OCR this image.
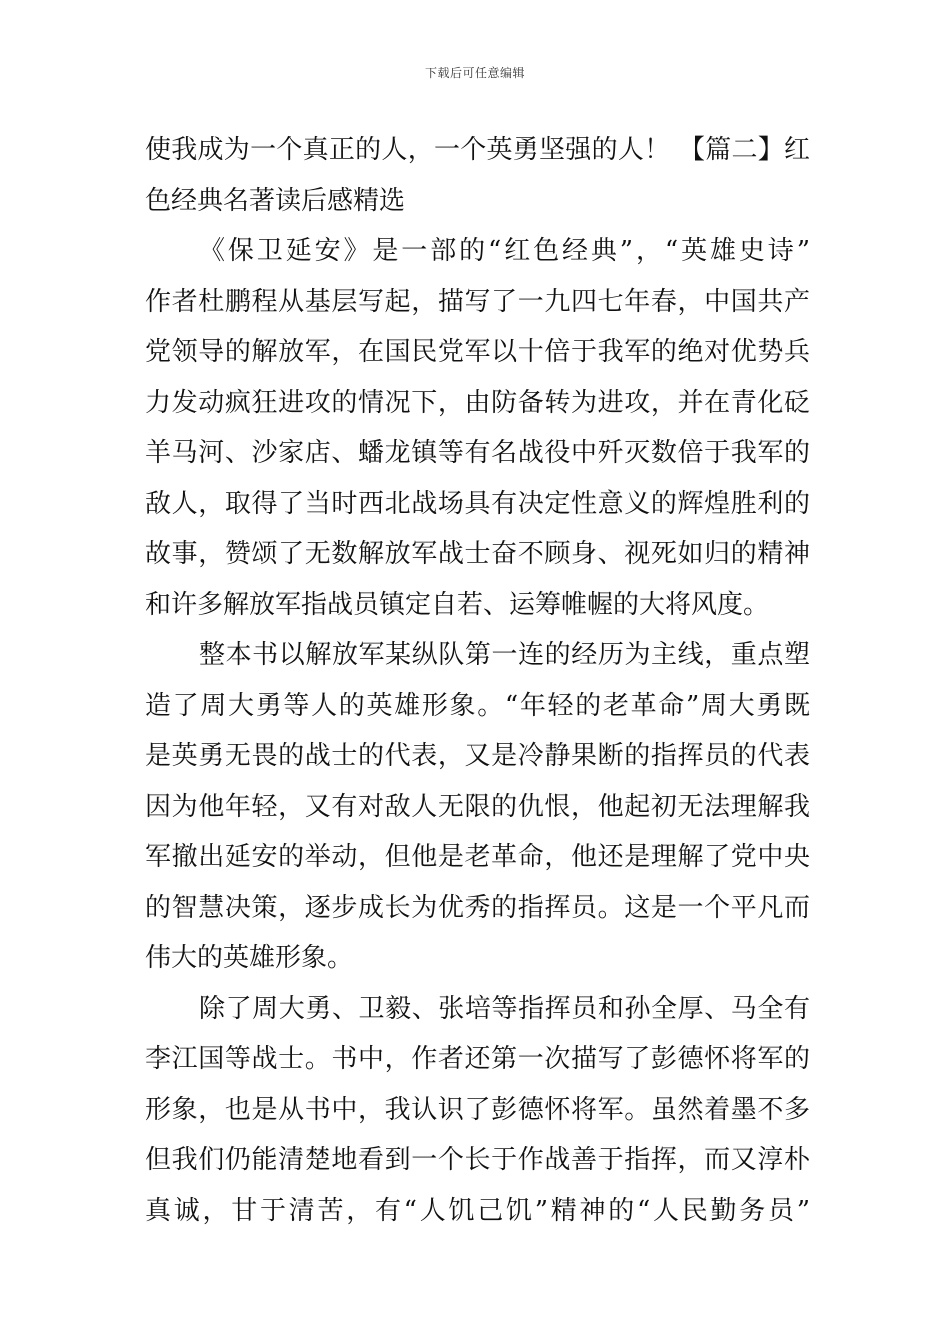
下载后可任意编辑
使我成为一个真正的人，一个英勇坚强的人！ 【篇二】红
色经典名著读后感精选
《保卫延安》是一部的“红色经典”，“英雄史诗”
作者杜鹏程从基层写起，描写了一九四七年春，中国共产
党领导的解放军，在国民党军以十倍于我军的绝对优势兵
力发动疯狂进攻的情况下，由防备转为进攻，并在青化砭
羊马河、沙家店、蟠龙镇等有名战役中歼灭数倍于我军的
敌人，取得了当时西北战场具有决定性意义的辉煌胜利的
故事，赞颂了无数解放军战士奋不顾身、视死如归的精神
和许多解放军指战员镇定自若、运筹帷幄的大将风度。
整本书以解放军某纵队第一连的经历为主线，重点塑
造了周大勇等人的英雄形象。“年轻的老革命”周大勇既
是英勇无畏的战士的代表，又是冷静果断的指挥员的代表
因为他年轻，又有对敌人无限的仇恨，他起初无法理解我
军撤出延安的举动，但他是老革命，他还是理解了党中央
的智慧决策，逐步成长为优秀的指挥员。这是一个平凡而
伟大的英雄形象。
除了周大勇、卫毅、张培等指挥员和孙全厚、马全有
李江国等战士。书中，作者还第一次描写了彭德怀将军的
形象，也是从书中，我认识了彭德怀将军。虽然着墨不多
但我们仍能清楚地看到一个长于作战善于指挥，而又淳朴
真诚，甘于清苦，有“人饥己饥”精神的“人民勤务员”
